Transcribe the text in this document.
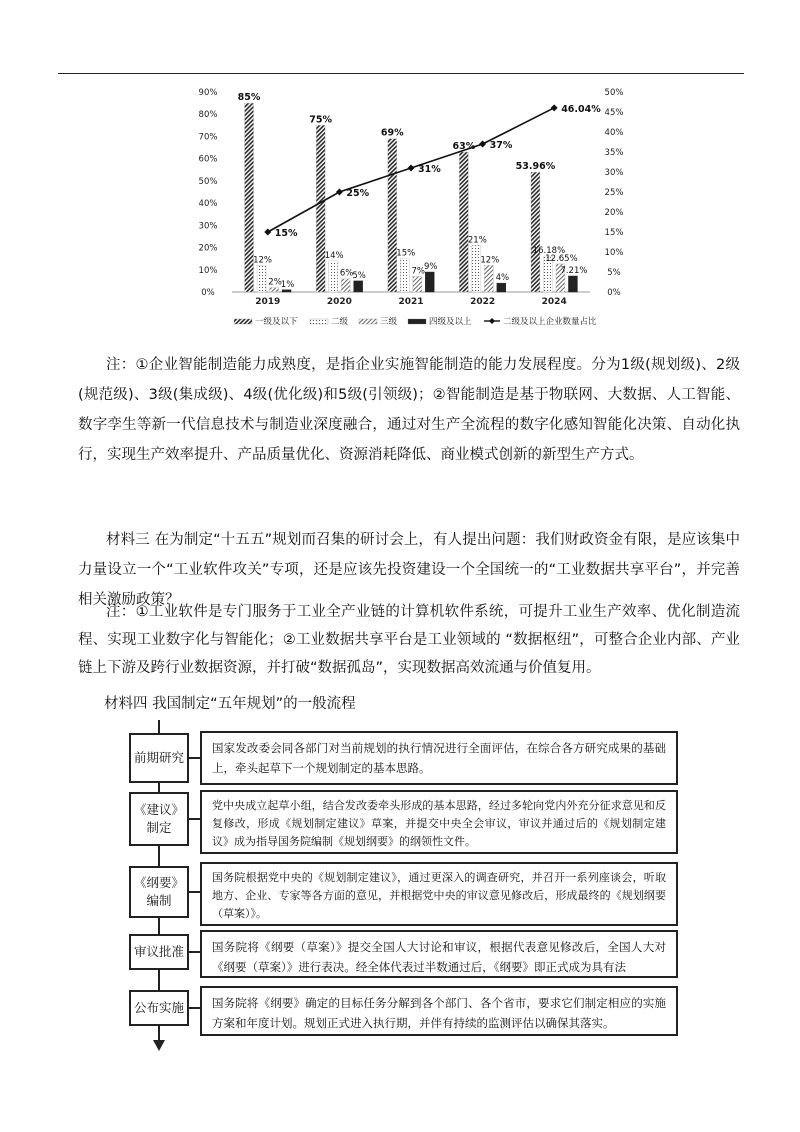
0%
10%
20%
30%
40%
50%
60%
70%
80%
90%
0%
5%
10%
15%
20%
25%
30%
35%
40%
45%
50%
2019	2020	2021	2022	2024
85%
12%
2% 1%
75%
14%
6% 5%
69%
15%
7% 9%
63%
21%
12%
4%
53.96%
16.18%
12.65%
7.21%
15%
25%
31%
37%
46.04%
一级及以下	二级	三级	四级及以上	二级及以上企业数量占比

注：①企业智能制造能力成熟度，是指企业实施智能制造的能力发展程度。分为1级(规划级)、2级(规范级)、3级(集成级)、4级(优化级)和5级(引领级)；②智能制造是基于物联网、大数据、人工智能、数字孪生等新一代信息技术与制造业深度融合，通过对生产全流程的数字化感知智能化决策、自动化执行，实现生产效率提升、产品质量优化、资源消耗降低、商业模式创新的新型生产方式。

材料三 在为制定“十五五”规划而召集的研讨会上，有人提出问题：我们财政资金有限，是应该集中力量设立一个“工业软件攻关”专项，还是应该先投资建设一个全国统一的“工业数据共享平台”，并完善相关激励政策？

注：①工业软件是专门服务于工业全产业链的计算机软件系统，可提升工业生产效率、优化制造流程、实现工业数字化与智能化；②工业数据共享平台是工业领域的 “数据枢纽”，可整合企业内部、产业链上下游及跨行业数据资源，并打破“数据孤岛”，实现数据高效流通与价值复用。

材料四 我国制定“五年规划”的一般流程

前期研究
国家发改委会同各部门对当前规划的执行情况进行全面评估，在综合各方研究成果的基础上，牵头起草下一个规划制定的基本思路。
《建议》制定
党中央成立起草小组，结合发改委牵头形成的基本思路，经过多轮向党内外充分征求意见和反复修改，形成《规划制定建议》草案，并提交中央全会审议，审议并通过后的《规划制定建议》成为指导国务院编制《规划纲要》的纲领性文件。
《纲要》编制
国务院根据党中央的《规划制定建议》，通过更深入的调查研究，并召开一系列座谈会，听取地方、企业、专家等各方面的意见，并根据党中央的审议意见修改后，形成最终的《规划纲要（草案）》。
审议批准	国务院将《纲要（草案）》提交全国人大讨论和审议，根据代表意见修改后，全国人大对《纲要（草案）》进行表决。经全体代表过半数通过后，《纲要》即正式成为具有法
公布实施	国务院将《纲要》确定的目标任务分解到各个部门、各个省市，要求它们制定相应的实施方案和年度计划。规划正式进入执行期，并伴有持续的监测评估以确保其落实。
